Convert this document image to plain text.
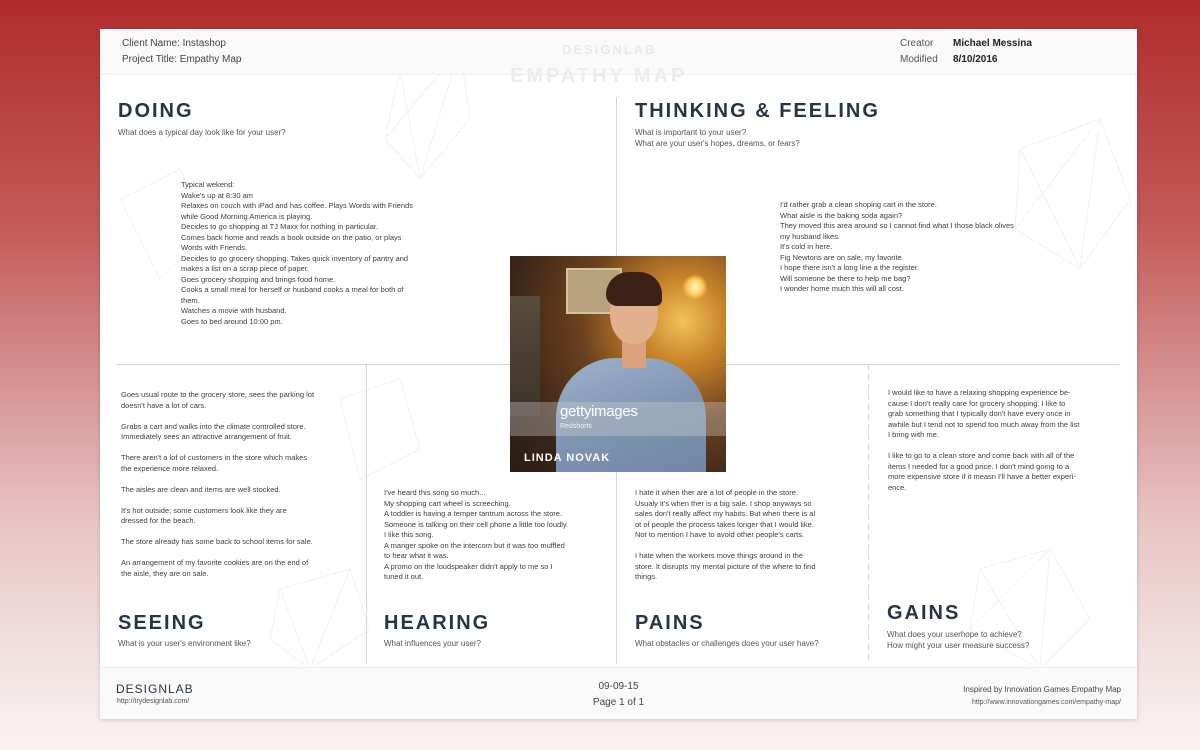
Client Name: Instashop
Project Title: Empathy Map
DESIGNLAB
EMPATHY MAP
Creator Michael Messina
Modified 8/10/2016
DOING
What does a typical day look like for your user?
Typical wekend:
Wake's up at 8:30 am
Relaxes on couch with iPad and has coffee. Plays Words with Friends
while Good Morning America is playing.
Decides to go shopping at TJ Maxx for nothing in particular.
Comes back home and reads a book outside on the patio, or plays
Words with Friends.
Decides to go grocery shopping. Takes quick inventory of pantry and
makes a list on a scrap piece of paper.
Goes grocery shopping and brings food home.
Cooks a small meal for herself or husband cooks a meal for both of
them.
Watches a movie with husband.
Goes to bed around 10:00 pm.
THINKING & FEELING
What is important to your user?
What are your user's hopes, dreams, or fears?
I'd rather grab a clean shoping cart in the store.
What aisle is the baking soda again?
They moved this area around so I cannot find what I those black olives
my husband likes.
It's cold in here.
Fig Newtons are on sale, my favorite.
I hope there isn't a long line a the register.
Will someone be there to help me bag?
I wonder home much this will all cost.
Goes usual route to the grocery store, sees the parking lot
doesn't have a lot of cars.
Grabs a cart and walks into the climate controlled store.
Immediately sees an attractive arrangement of fruit.
There aren't a lof of customers in the store which makes
the experience more relaxed.
The aisles are clean and items are well stocked.
It's hot outside; some customers look like they are
dressed for the beach.
The store already has some back to school items for sale.
An arrangement of my favorite cookies are on the end of
the aisle, they are on sale.
SEEING
What is your user's environment like?
I've heard this song so much...
My shopping cart wheel is screeching.
A toddler is having a temper tantrum across the store.
Someone is talking on their cell phone a little too loudly.
I like this song.
A manger spoke on the intercom but it was too muffled
to hear what it was.
A promo on the loudspeaker didn't apply to me so I
tuned it out.
HEARING
What influences your user?
I hate it when ther are a lot of people in the store.
Usualy it's when ther is a big sale. I shop anyways so
sales don't really affect my habits. But when there is al
ot of people the process takes longer that I would like.
Not to mention I have to avoid other people's carts.
I hate when the workers move things around in the
store. It disrupts my mental picture of the where to find
things.
PAINS
What obstacles or challenges does your user have?
I would like to have a relaxing shopping experience be-
cause I don't really care for grocery shopping. I like to
grab something that I typically don't have every once in
awhile but I tend not to spend too much away from the list
I bring with me.
I like to go to a clean store and come back with all of the
items I needed for a good price. I don't mind going to a
more expensive store if it measn I'll have a better experi-
ence.
GAINS
What does your userhope to achieve?
How might your user measure success?
gettyimages
Redshorts
LINDA NOVAK
DESIGNLAB
http://trydesignlab.com/
09-09-15
Page 1 of 1
Inspired by Innovation Games Empathy Map
http://www.innovationgames.com/empathy-map/
